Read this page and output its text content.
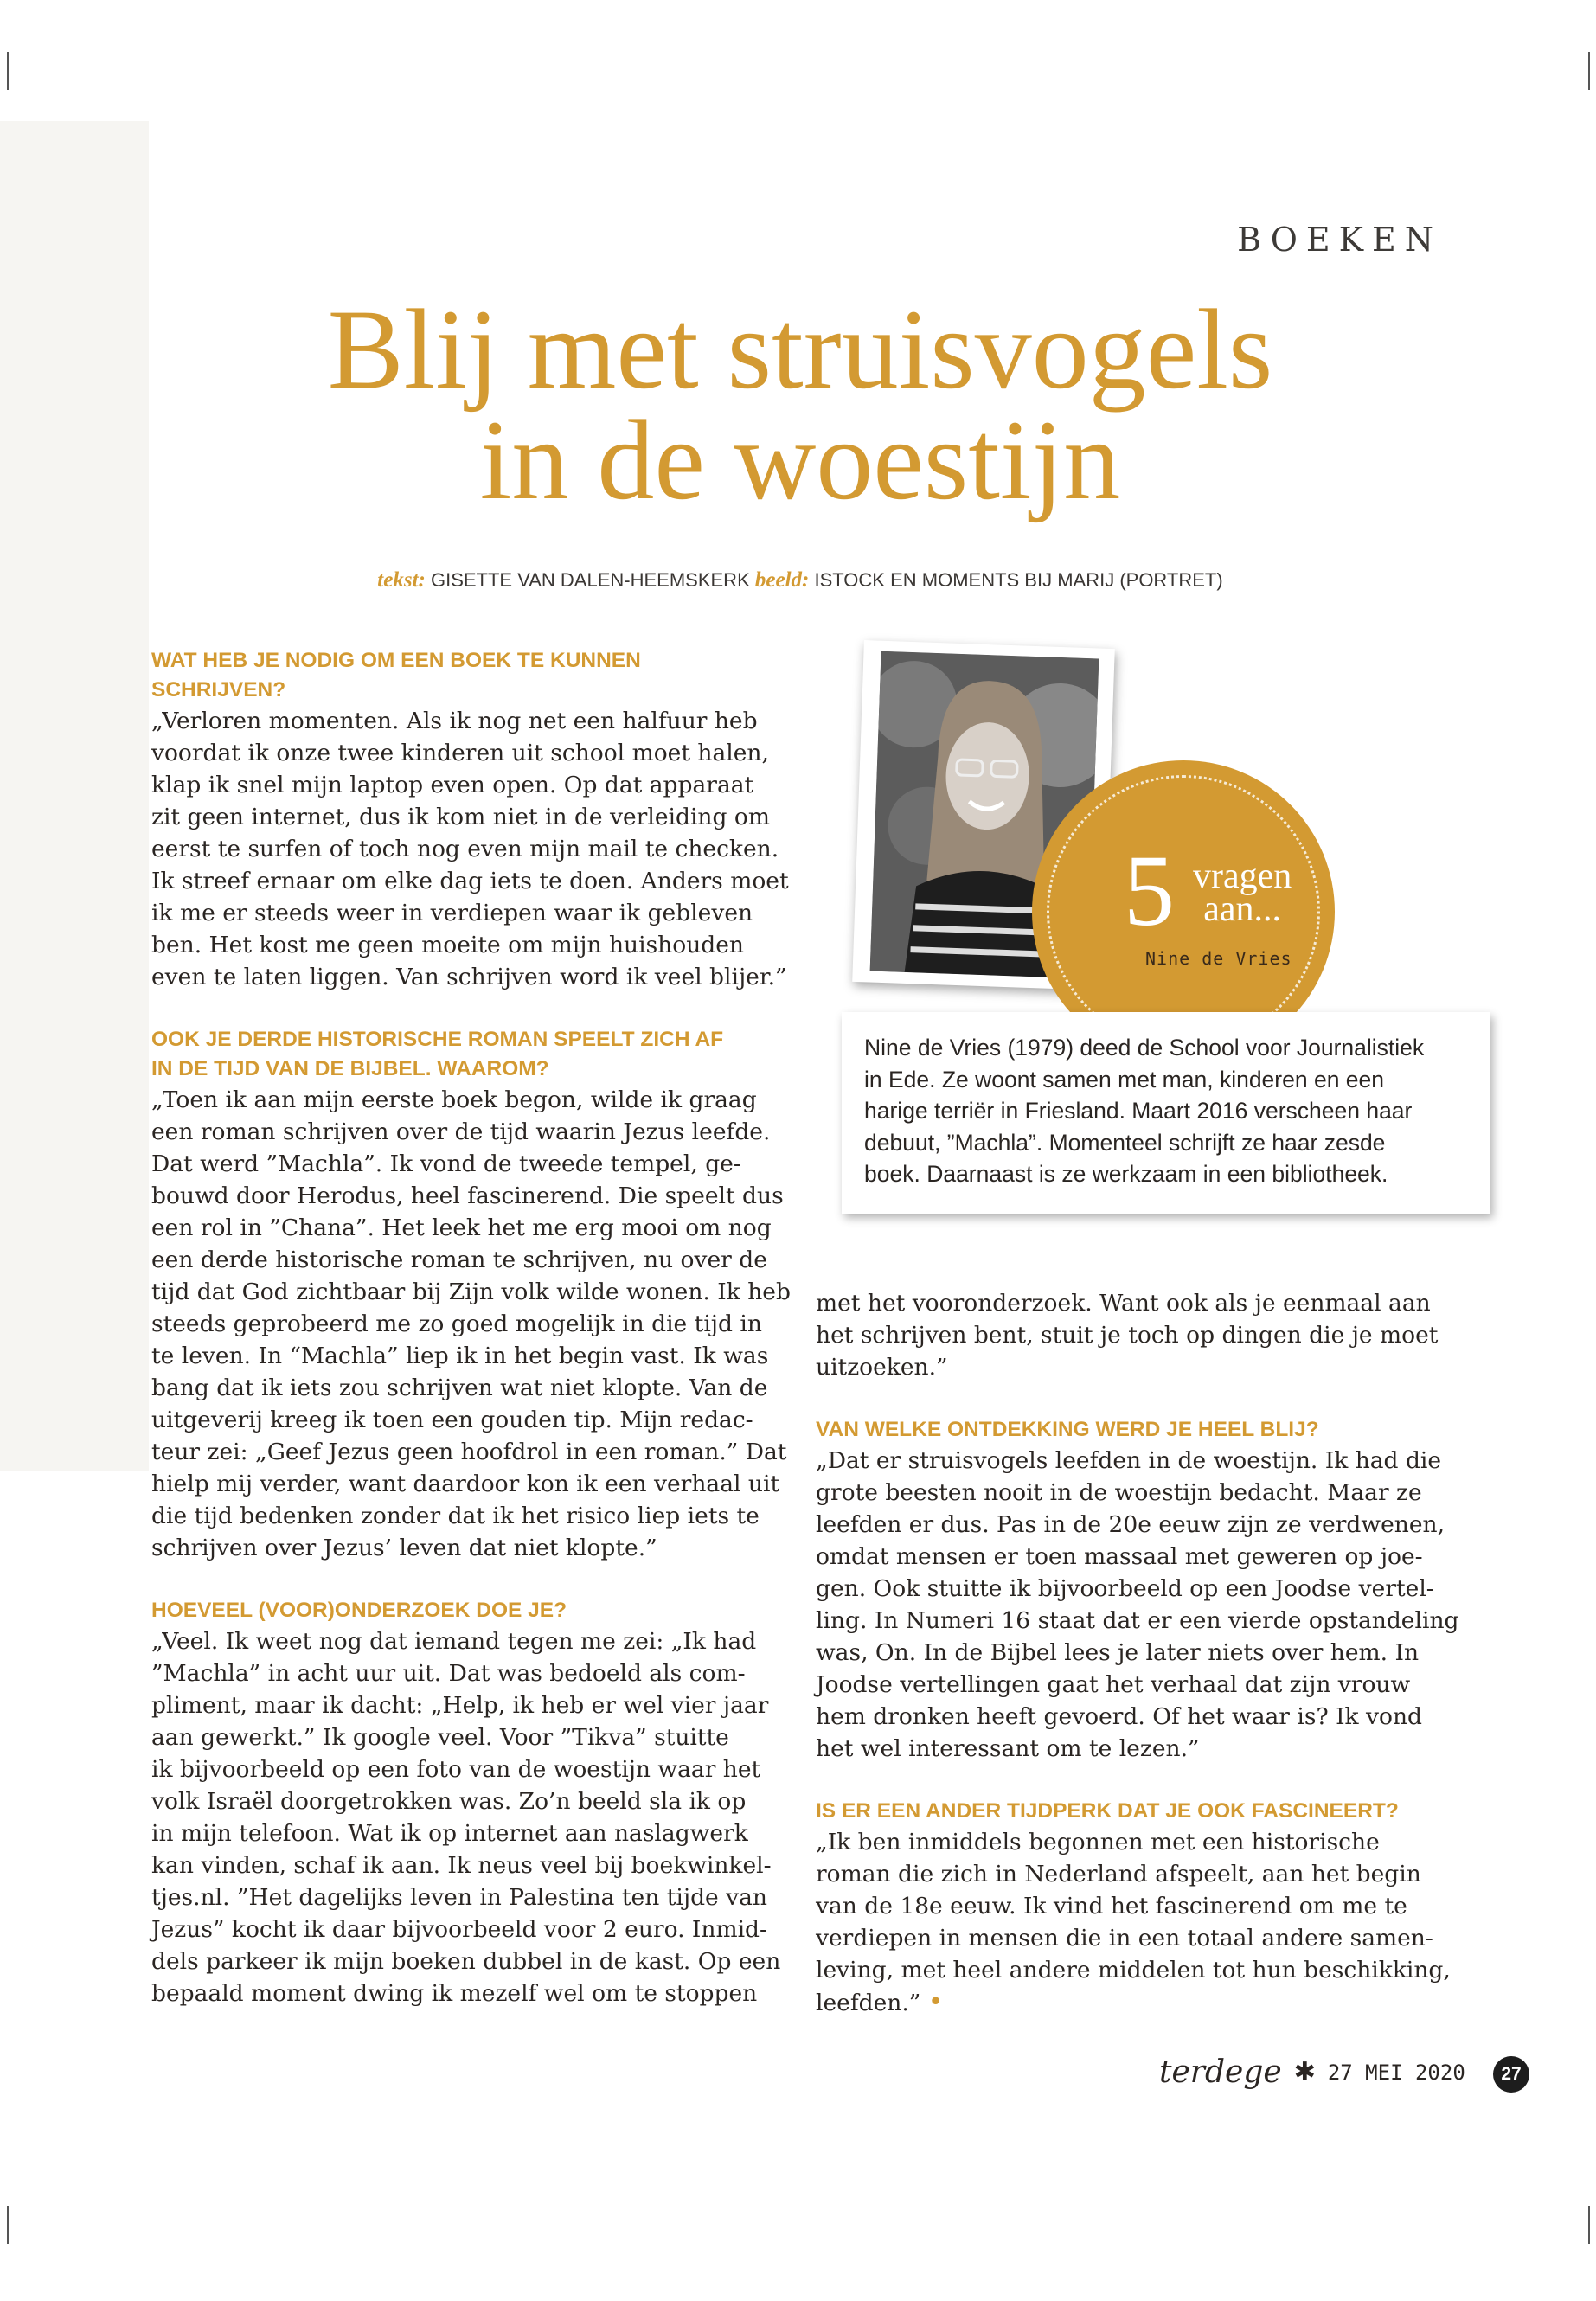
BOEKEN
Blij met struisvogels
in de woestijn
tekst: GISETTE VAN DALEN-HEEMSKERK beeld: ISTOCK EN MOMENTS BIJ MARIJ (PORTRET)
WAT HEB JE NODIG OM EEN BOEK TE KUNNEN
SCHRIJVEN?
„Verloren momenten. Als ik nog net een halfuur heb
voordat ik onze twee kinderen uit school moet halen,
klap ik snel mijn laptop even open. Op dat apparaat
zit geen internet, dus ik kom niet in de verleiding om
eerst te surfen of toch nog even mijn mail te checken.
Ik streef ernaar om elke dag iets te doen. Anders moet
ik me er steeds weer in verdiepen waar ik gebleven
ben. Het kost me geen moeite om mijn huishouden
even te laten liggen. Van schrijven word ik veel blijer.”
OOK JE DERDE HISTORISCHE ROMAN SPEELT ZICH AF
IN DE TIJD VAN DE BIJBEL. WAAROM?
„Toen ik aan mijn eerste boek begon, wilde ik graag
een roman schrijven over de tijd waarin Jezus leefde.
Dat werd ”Machla”. Ik vond de tweede tempel, ge-
bouwd door Herodus, heel fascinerend. Die speelt dus
een rol in ”Chana”. Het leek het me erg mooi om nog
een derde historische roman te schrijven, nu over de
tijd dat God zichtbaar bij Zijn volk wilde wonen. Ik heb
steeds geprobeerd me zo goed mogelijk in die tijd in
te leven. In “Machla” liep ik in het begin vast. Ik was
bang dat ik iets zou schrijven wat niet klopte. Van de
uitgeverij kreeg ik toen een gouden tip. Mijn redac-
teur zei: „Geef Jezus geen hoofdrol in een roman.” Dat
hielp mij verder, want daardoor kon ik een verhaal uit
die tijd bedenken zonder dat ik het risico liep iets te
schrijven over Jezus’ leven dat niet klopte.”
HOEVEEL (VOOR)ONDERZOEK DOE JE?
„Veel. Ik weet nog dat iemand tegen me zei: „Ik had
”Machla” in acht uur uit. Dat was bedoeld als com-
pliment, maar ik dacht: „Help, ik heb er wel vier jaar
aan gewerkt.” Ik google veel. Voor ”Tikva” stuitte
ik bijvoorbeeld op een foto van de woestijn waar het
volk Israël doorgetrokken was. Zo’n beeld sla ik op
in mijn telefoon. Wat ik op internet aan naslagwerk
kan vinden, schaf ik aan. Ik neus veel bij boekwinkel-
tjes.nl. ”Het dagelijks leven in Palestina ten tijde van
Jezus” kocht ik daar bijvoorbeeld voor 2 euro. Inmid-
dels parkeer ik mijn boeken dubbel in de kast. Op een
bepaald moment dwing ik mezelf wel om te stoppen
5 vragen
aan...
Nine de Vries
Nine de Vries (1979) deed de School voor Journalistiek
in Ede. Ze woont samen met man, kinderen en een
harige terriër in Friesland. Maart 2016 verscheen haar
debuut, ”Machla”. Momenteel schrijft ze haar zesde
boek. Daarnaast is ze werkzaam in een bibliotheek.
met het vooronderzoek. Want ook als je eenmaal aan
het schrijven bent, stuit je toch op dingen die je moet
uitzoeken.”
VAN WELKE ONTDEKKING WERD JE HEEL BLIJ?
„Dat er struisvogels leefden in de woestijn. Ik had die
grote beesten nooit in de woestijn bedacht. Maar ze
leefden er dus. Pas in de 20e eeuw zijn ze verdwenen,
omdat mensen er toen massaal met geweren op joe-
gen. Ook stuitte ik bijvoorbeeld op een Joodse vertel-
ling. In Numeri 16 staat dat er een vierde opstandeling
was, On. In de Bijbel lees je later niets over hem. In
Joodse vertellingen gaat het verhaal dat zijn vrouw
hem dronken heeft gevoerd. Of het waar is? Ik vond
het wel interessant om te lezen.”
IS ER EEN ANDER TIJDPERK DAT JE OOK FASCINEERT?
„Ik ben inmiddels begonnen met een historische
roman die zich in Nederland afspeelt, aan het begin
van de 18e eeuw. Ik vind het fascinerend om me te
verdiepen in mensen die in een totaal andere samen-
leving, met heel andere middelen tot hun beschikking,
leefden.” •
terdege ✱ 27 MEI 2020	27
